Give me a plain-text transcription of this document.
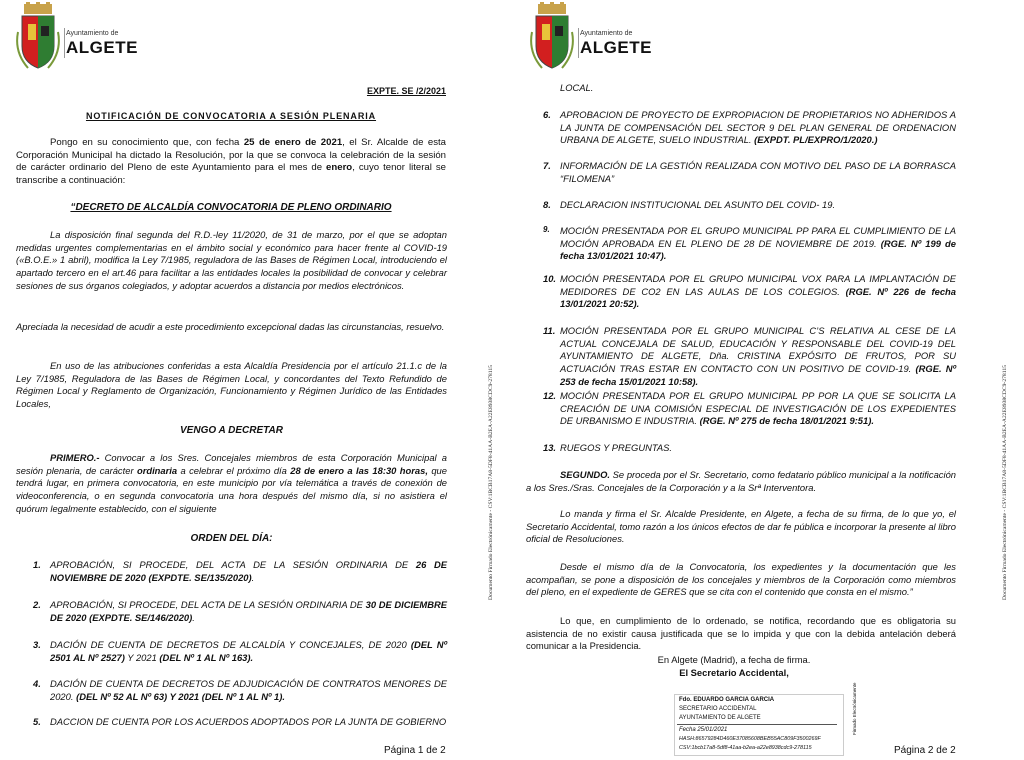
Ayuntamiento de
ALGETE
EXPTE. SE /2/2021
NOTIFICACIÓN DE CONVOCATORIA A SESIÓN PLENARIA
Pongo en su conocimiento que, con fecha 25 de enero de 2021, el Sr. Alcalde de esta Corporación Municipal ha dictado la Resolución, por la que se convoca la celebración de la sesión de carácter ordinario del Pleno de este Ayuntamiento para el mes de enero, cuyo tenor literal se transcribe a continuación:
“DECRETO DE ALCALDÍA CONVOCATORIA DE PLENO ORDINARIO
La disposición final segunda del R.D.-ley 11/2020, de 31 de marzo, por el que se adoptan medidas urgentes complementarias en el ámbito social y económico para hacer frente al COVID-19 («B.O.E.» 1 abril), modifica la Ley 7/1985, reguladora de las Bases de Régimen Local, introduciendo el apartado tercero en el art.46 para facilitar a las entidades locales la posibilidad de convocar y celebrar sesiones de sus órganos colegiados, y adoptar acuerdos a distancia por medios electrónicos.
Apreciada la necesidad de acudir a este procedimiento excepcional dadas las circunstancias, resuelvo.
En uso de las atribuciones conferidas a esta Alcaldía Presidencia por el artículo 21.1.c de la Ley 7/1985, Reguladora de las Bases de Régimen Local, y concordantes del Texto Refundido de Régimen Local y Reglamento de Organización, Funcionamiento y Régimen Jurídico de las Entidades Locales,
VENGO A DECRETAR
PRIMERO.- Convocar a los Sres. Concejales miembros de esta Corporación Municipal a sesión plenaria, de carácter ordinaria a celebrar el próximo día 28 de enero a las 18:30 horas, que tendrá lugar, en primera convocatoria, en este municipio por vía telemática a través de conexión de videoconferencia, o en segunda convocatoria una hora después del mismo día, si no asistiera el quórum legalmente establecido, con el siguiente
ORDEN DEL DÍA:
1. APROBACIÓN, SI PROCEDE, DEL ACTA DE LA SESIÓN ORDINARIA DE 26 DE NOVIEMBRE DE 2020 (EXPDTE. SE/135/2020).
2. APROBACIÓN, SI PROCEDE, DEL ACTA DE LA SESIÓN ORDINARIA DE 30 DE DICIEMBRE DE 2020 (EXPDTE. SE/146/2020).
3. DACIÓN DE CUENTA DE DECRETOS DE ALCALDÍA Y CONCEJALES, DE 2020 (DEL Nº 2501 AL Nº 2527) Y 2021 (DEL Nº 1 AL Nº 163).
4. DACIÓN DE CUENTA DE DECRETOS DE ADJUDICACIÓN DE CONTRATOS MENORES DE 2020. (DEL Nº 52 AL Nº 63) Y 2021 (DEL Nº 1 AL Nº 1).
5. DACCION DE CUENTA POR LOS ACUERDOS ADOPTADOS POR LA JUNTA DE GOBIERNO
Página 1 de 2
Documento Firmado Electrónicamente - CSV:1BCB17A8-5DF8-41AA-B2EA-A22E8938CDC9-278115
Ayuntamiento de
ALGETE
LOCAL.
6. APROBACION DE PROYECTO DE EXPROPIACION DE PROPIETARIOS NO ADHERIDOS A LA JUNTA DE COMPENSACIÓN DEL SECTOR 9 DEL PLAN GENERAL DE ORDENACION URBANA DE ALGETE, SUELO INDUSTRIAL. (EXPDT. PL/EXPRO/1/2020.)
7. INFORMACIÓN DE LA GESTIÓN REALIZADA CON MOTIVO DEL PASO DE LA BORRASCA “FILOMENA”
8. DECLARACION INSTITUCIONAL DEL ASUNTO DEL COVID- 19.
9. MOCIÓN PRESENTADA POR EL GRUPO MUNICIPAL PP PARA EL CUMPLIMIENTO DE LA MOCIÓN APROBADA EN EL PLENO DE 28 DE NOVIEMBRE DE 2019. (RGE. Nº 199 de fecha 13/01/2021 10:47).
10. MOCIÓN PRESENTADA POR EL GRUPO MUNICIPAL VOX PARA LA IMPLANTACIÓN DE MEDIDORES DE CO2 EN LAS AULAS DE LOS COLEGIOS. (RGE. Nº 226 de fecha 13/01/2021 20:52).
11. MOCIÓN PRESENTADA POR EL GRUPO MUNICIPAL C’S RELATIVA AL CESE DE LA ACTUAL CONCEJALA DE SALUD, EDUCACIÓN Y RESPONSABLE DEL COVID-19 DEL AYUNTAMIENTO DE ALGETE, Dña. CRISTINA EXPÓSITO DE FRUTOS, POR SU ACTUACIÓN TRAS ESTAR EN CONTACTO CON UN POSITIVO DE COVID-19. (RGE. Nº 253 de fecha 15/01/2021 10:58).
12. MOCIÓN PRESENTADA POR EL GRUPO MUNICIPAL PP POR LA QUE SE SOLICITA LA CREACIÓN DE UNA COMISIÓN ESPECIAL DE INVESTIGACIÓN DE LOS EXPEDIENTES DE URBANISMO E INDUSTRIA. (RGE. Nº 275 de fecha 18/01/2021 9:51).
13. RUEGOS Y PREGUNTAS.
SEGUNDO. Se proceda por el Sr. Secretario, como fedatario público municipal a la notificación a los Sres./Sras. Concejales de la Corporación y a la Srª Interventora.
Lo manda y firma el Sr. Alcalde Presidente, en Algete, a fecha de su firma, de lo que yo, el Secretario Accidental, tomo razón a los únicos efectos de dar fe pública e incorporar la presente al libro oficial de Resoluciones.
Desde el mismo día de la Convocatoria, los expedientes y la documentación que les acompañan, se pone a disposición de los concejales y miembros de la Corporación como miembros del pleno, en el expediente de GERES que se cita con el contenido que consta en el mismo.”
Lo que, en cumplimiento de lo ordenado, se notifica, recordando que es obligatoria su asistencia de no existir causa justificada que se lo impida y que con la debida antelación deberá comunicar a la Presidencia.
En Algete (Madrid), a fecha de firma.
El Secretario Accidental,
Fdo. EDUARDO GARCIA GARCIA
SECRETARIO ACCIDENTAL
AYUNTAMIENTO DE ALGETE
Fecha 25/01/2021
HASH:86579284D460E37085608BEB55AC809F3500269F
CSV:1bcb17a8-5df8-41aa-b2ea-a22e8938cdc9-278115
Firmado Electrónicamente
Página 2 de 2
Documento Firmado Electrónicamente - CSV:1BCB17A8-5DF8-41AA-B2EA-A22E8938CDC9-278115
